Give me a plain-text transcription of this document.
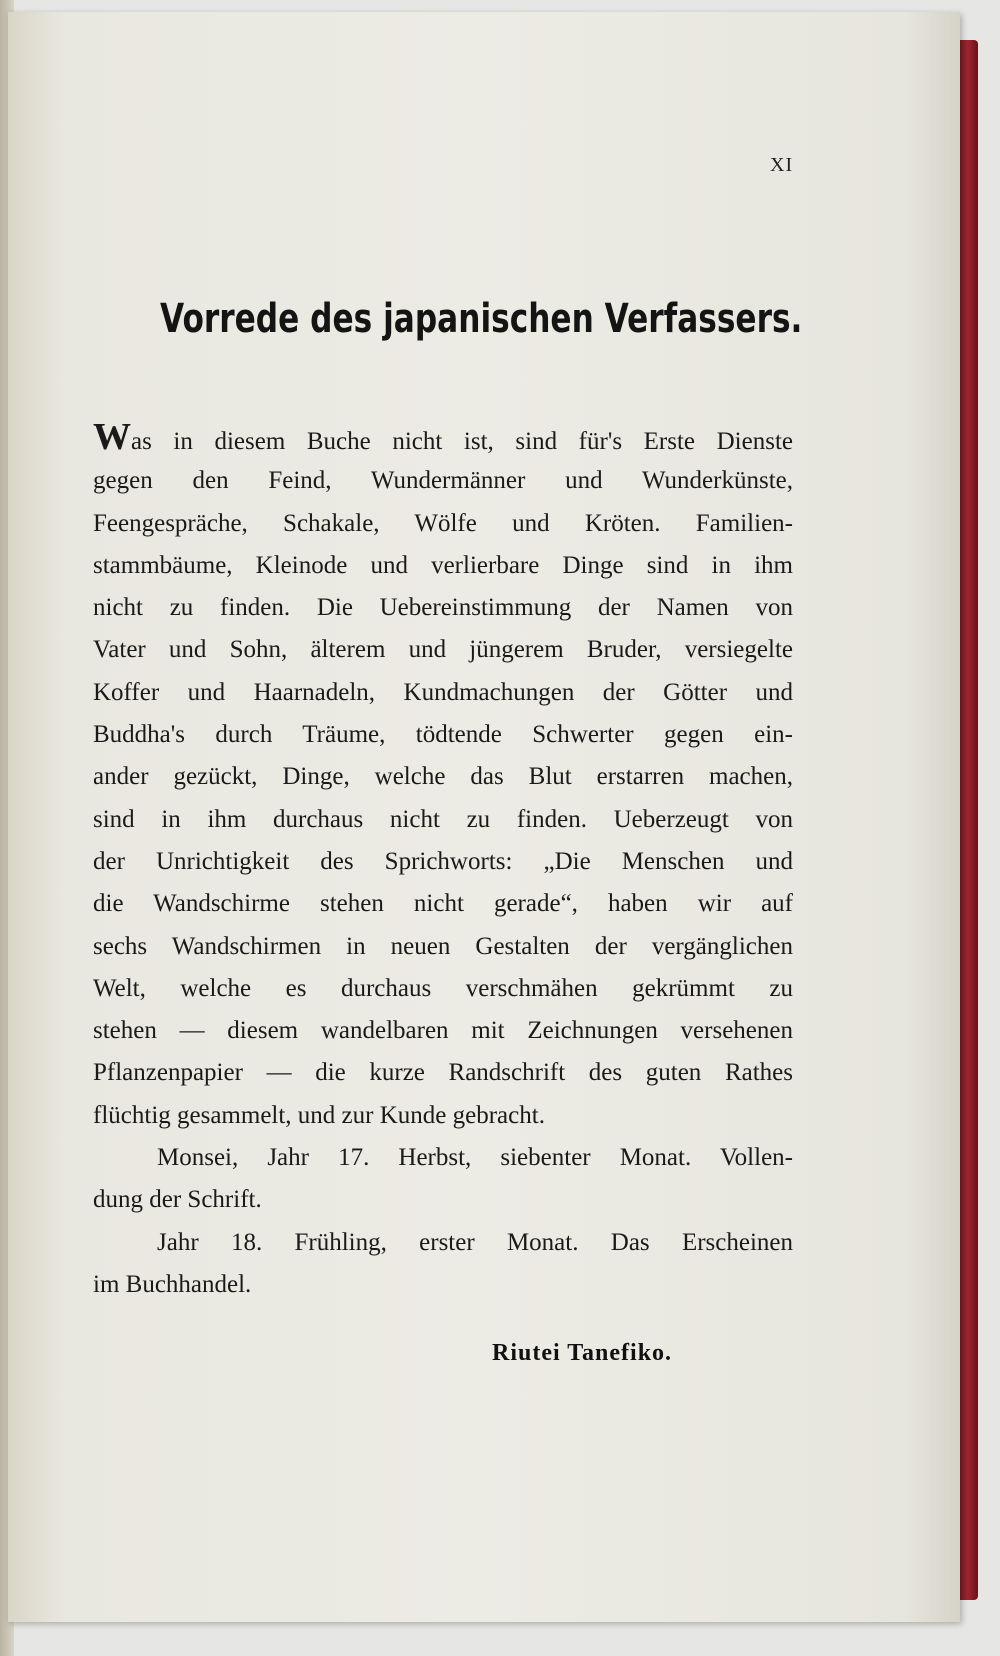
XI
Vorrede des japanischen Verfassers.
Was in diesem Buche nicht ist, sind für's Erste Dienste
gegen den Feind, Wundermänner und Wunderkünste,
Feengespräche, Schakale, Wölfe und Kröten. Familien-
stammbäume, Kleinode und verlierbare Dinge sind in ihm
nicht zu finden. Die Uebereinstimmung der Namen von
Vater und Sohn, älterem und jüngerem Bruder, versiegelte
Koffer und Haarnadeln, Kundmachungen der Götter und
Buddha's durch Träume, tödtende Schwerter gegen ein-
ander gezückt, Dinge, welche das Blut erstarren machen,
sind in ihm durchaus nicht zu finden. Ueberzeugt von
der Unrichtigkeit des Sprichworts: „Die Menschen und
die Wandschirme stehen nicht gerade“, haben wir auf
sechs Wandschirmen in neuen Gestalten der vergänglichen
Welt, welche es durchaus verschmähen gekrümmt zu
stehen — diesem wandelbaren mit Zeichnungen versehenen
Pflanzenpapier — die kurze Randschrift des guten Rathes
flüchtig gesammelt, und zur Kunde gebracht.
Monsei, Jahr 17. Herbst, siebenter Monat. Vollen-
dung der Schrift.
Jahr 18. Frühling, erster Monat. Das Erscheinen
im Buchhandel.
Riutei Tanefiko.
